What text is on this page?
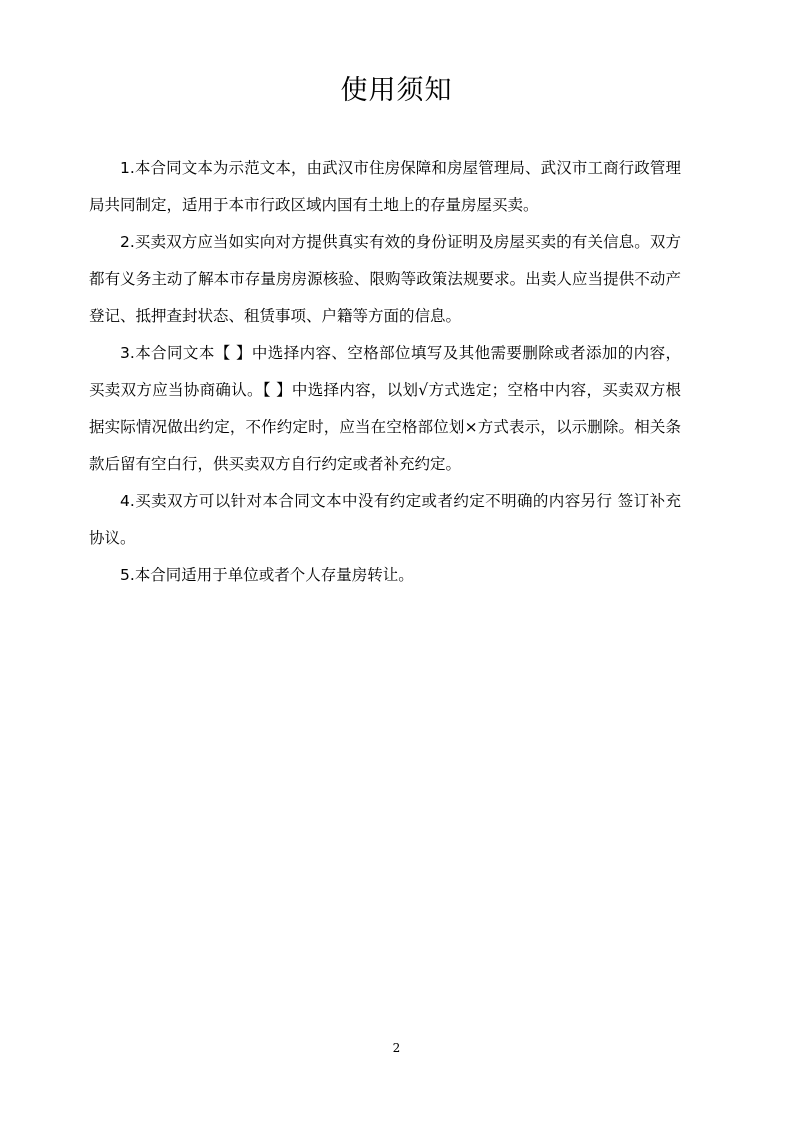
使用须知

1.本合同文本为示范文本，由武汉市住房保障和房屋管理局、武汉市工商行政管理局共同制定，适用于本市行政区域内国有土地上的存量房屋买卖。

2.买卖双方应当如实向对方提供真实有效的身份证明及房屋买卖的有关信息。双方都有义务主动了解本市存量房房源核验、限购等政策法规要求。出卖人应当提供不动产登记、抵押查封状态、租赁事项、户籍等方面的信息。

3.本合同文本【 】中选择内容、空格部位填写及其他需要删除或者添加的内容，买卖双方应当协商确认。【 】中选择内容，以划√方式选定；空格中内容，买卖双方根据实际情况做出约定，不作约定时，应当在空格部位划×方式表示，以示删除。相关条款后留有空白行，供买卖双方自行约定或者补充约定。

4.买卖双方可以针对本合同文本中没有约定或者约定不明确的内容另行 签订补充协议。

5.本合同适用于单位或者个人存量房转让。

2
